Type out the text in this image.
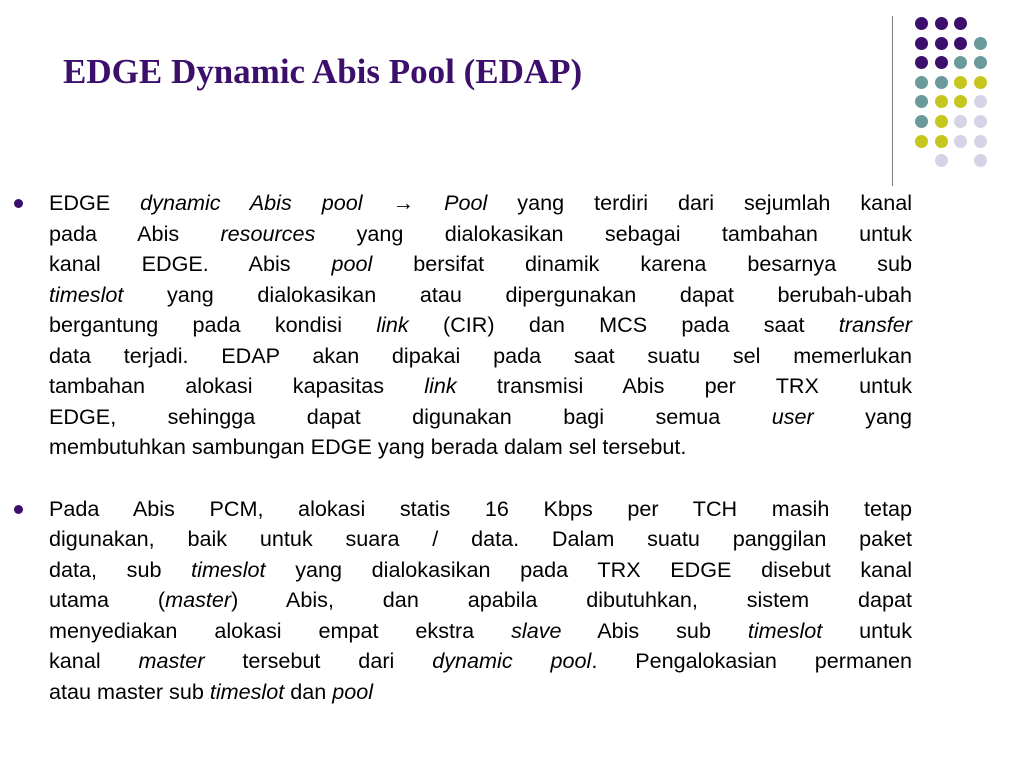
EDGE Dynamic Abis Pool (EDAP)
EDGE dynamic Abis pool → Pool yang terdiri dari sejumlah kanal
pada Abis resources yang dialokasikan sebagai tambahan untuk
kanal EDGE. Abis pool bersifat dinamik karena besarnya sub
timeslot yang dialokasikan atau dipergunakan dapat berubah-ubah
bergantung pada kondisi link (CIR) dan MCS pada saat transfer
data terjadi. EDAP akan dipakai pada saat suatu sel memerlukan
tambahan alokasi kapasitas link transmisi Abis per TRX untuk
EDGE, sehingga dapat digunakan bagi semua user yang
membutuhkan sambungan EDGE yang berada dalam sel tersebut.
Pada Abis PCM, alokasi statis 16 Kbps per TCH masih tetap
digunakan, baik untuk suara / data. Dalam suatu panggilan paket
data, sub timeslot yang dialokasikan pada TRX EDGE disebut kanal
utama (master) Abis, dan apabila dibutuhkan, sistem dapat
menyediakan alokasi empat ekstra slave Abis sub timeslot untuk
kanal master tersebut dari dynamic pool. Pengalokasian permanen
atau master sub timeslot dan pool
